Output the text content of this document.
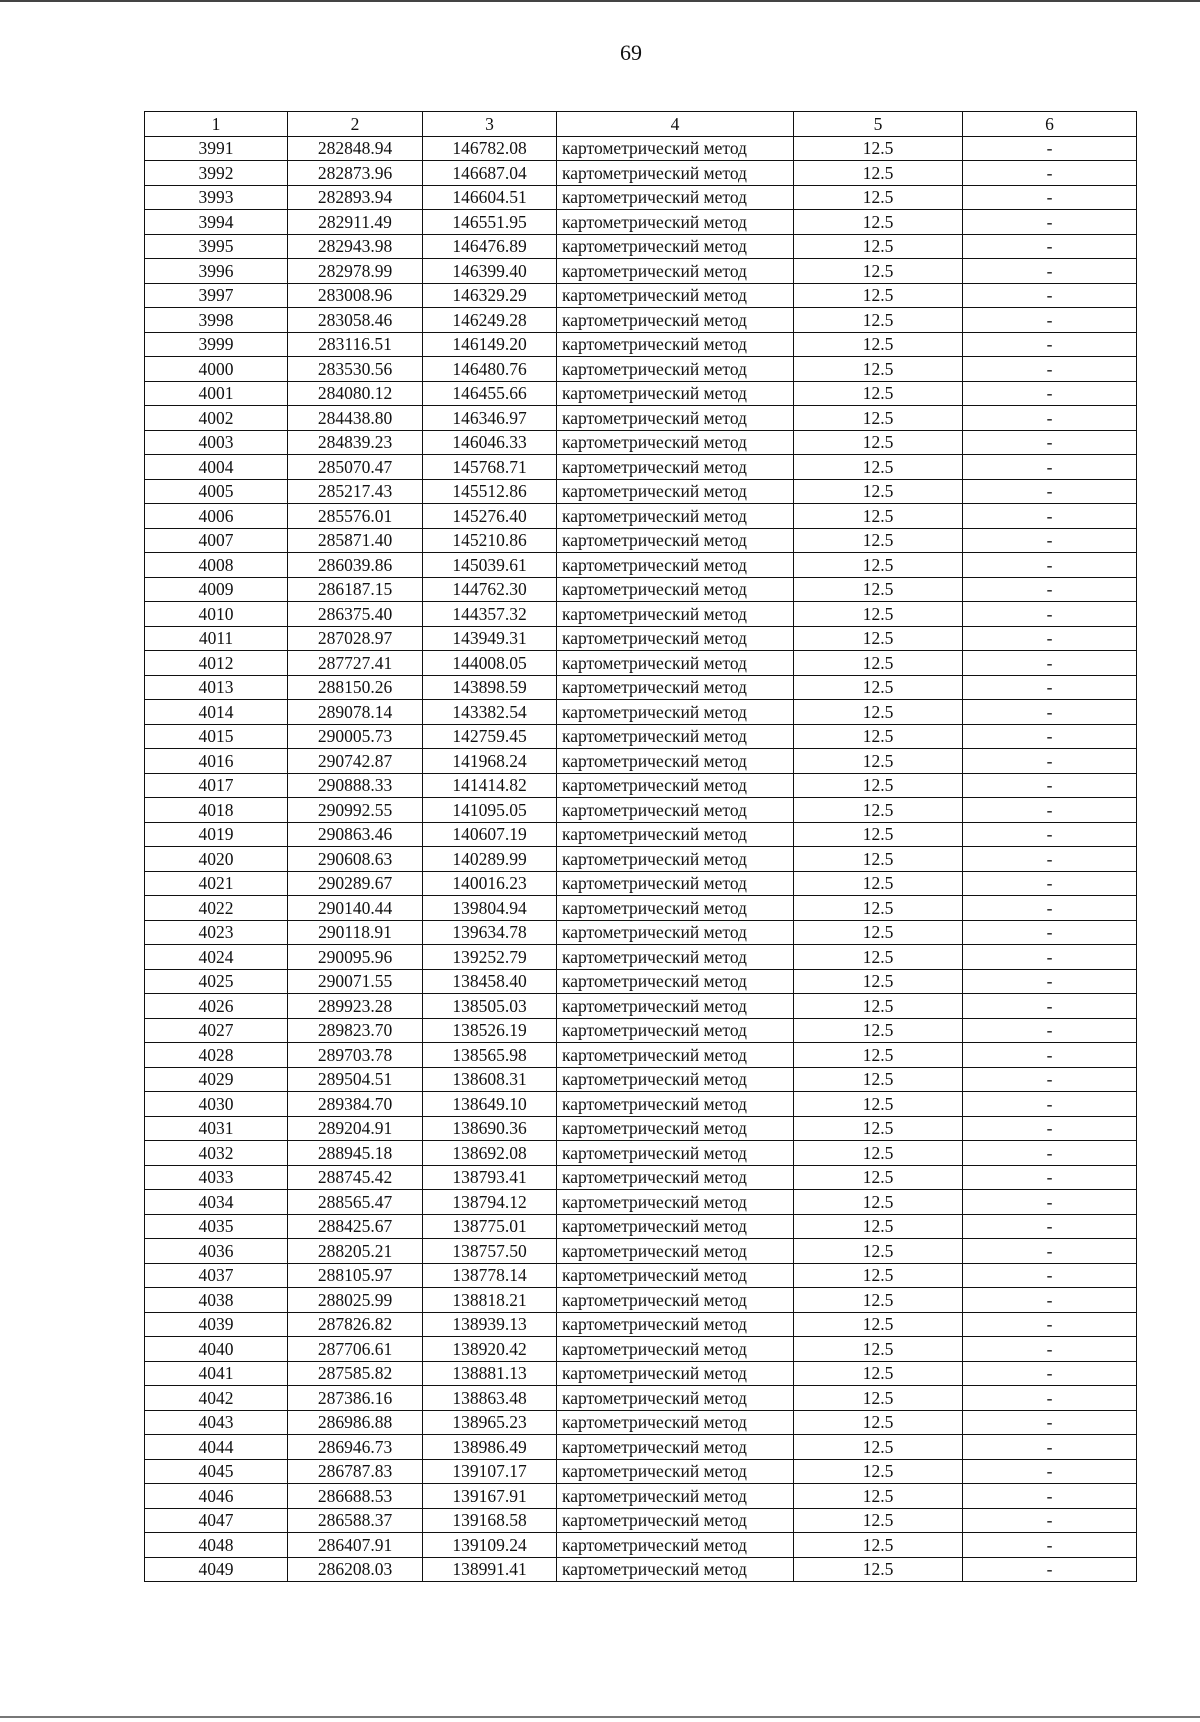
69
1	2	3	4	5	6
3991	282848.94	146782.08	картометрический метод	12.5	-
3992	282873.96	146687.04	картометрический метод	12.5	-
3993	282893.94	146604.51	картометрический метод	12.5	-
3994	282911.49	146551.95	картометрический метод	12.5	-
3995	282943.98	146476.89	картометрический метод	12.5	-
3996	282978.99	146399.40	картометрический метод	12.5	-
3997	283008.96	146329.29	картометрический метод	12.5	-
3998	283058.46	146249.28	картометрический метод	12.5	-
3999	283116.51	146149.20	картометрический метод	12.5	-
4000	283530.56	146480.76	картометрический метод	12.5	-
4001	284080.12	146455.66	картометрический метод	12.5	-
4002	284438.80	146346.97	картометрический метод	12.5	-
4003	284839.23	146046.33	картометрический метод	12.5	-
4004	285070.47	145768.71	картометрический метод	12.5	-
4005	285217.43	145512.86	картометрический метод	12.5	-
4006	285576.01	145276.40	картометрический метод	12.5	-
4007	285871.40	145210.86	картометрический метод	12.5	-
4008	286039.86	145039.61	картометрический метод	12.5	-
4009	286187.15	144762.30	картометрический метод	12.5	-
4010	286375.40	144357.32	картометрический метод	12.5	-
4011	287028.97	143949.31	картометрический метод	12.5	-
4012	287727.41	144008.05	картометрический метод	12.5	-
4013	288150.26	143898.59	картометрический метод	12.5	-
4014	289078.14	143382.54	картометрический метод	12.5	-
4015	290005.73	142759.45	картометрический метод	12.5	-
4016	290742.87	141968.24	картометрический метод	12.5	-
4017	290888.33	141414.82	картометрический метод	12.5	-
4018	290992.55	141095.05	картометрический метод	12.5	-
4019	290863.46	140607.19	картометрический метод	12.5	-
4020	290608.63	140289.99	картометрический метод	12.5	-
4021	290289.67	140016.23	картометрический метод	12.5	-
4022	290140.44	139804.94	картометрический метод	12.5	-
4023	290118.91	139634.78	картометрический метод	12.5	-
4024	290095.96	139252.79	картометрический метод	12.5	-
4025	290071.55	138458.40	картометрический метод	12.5	-
4026	289923.28	138505.03	картометрический метод	12.5	-
4027	289823.70	138526.19	картометрический метод	12.5	-
4028	289703.78	138565.98	картометрический метод	12.5	-
4029	289504.51	138608.31	картометрический метод	12.5	-
4030	289384.70	138649.10	картометрический метод	12.5	-
4031	289204.91	138690.36	картометрический метод	12.5	-
4032	288945.18	138692.08	картометрический метод	12.5	-
4033	288745.42	138793.41	картометрический метод	12.5	-
4034	288565.47	138794.12	картометрический метод	12.5	-
4035	288425.67	138775.01	картометрический метод	12.5	-
4036	288205.21	138757.50	картометрический метод	12.5	-
4037	288105.97	138778.14	картометрический метод	12.5	-
4038	288025.99	138818.21	картометрический метод	12.5	-
4039	287826.82	138939.13	картометрический метод	12.5	-
4040	287706.61	138920.42	картометрический метод	12.5	-
4041	287585.82	138881.13	картометрический метод	12.5	-
4042	287386.16	138863.48	картометрический метод	12.5	-
4043	286986.88	138965.23	картометрический метод	12.5	-
4044	286946.73	138986.49	картометрический метод	12.5	-
4045	286787.83	139107.17	картометрический метод	12.5	-
4046	286688.53	139167.91	картометрический метод	12.5	-
4047	286588.37	139168.58	картометрический метод	12.5	-
4048	286407.91	139109.24	картометрический метод	12.5	-
4049	286208.03	138991.41	картометрический метод	12.5	-
